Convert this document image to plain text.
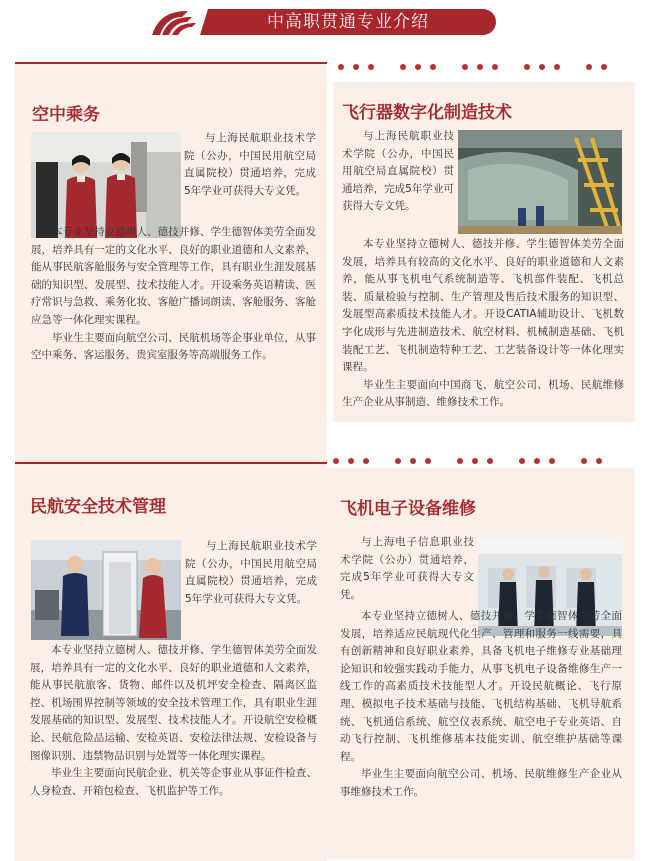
中高职贯通专业介绍
空中乘务

与上海民航职业技术学院（公办，中国民用航空局直属院校）贯通培养，完成5年学业可获得大专文凭。

本专业坚持立德树人、德技并修、学生德智体美劳全面发展，培养具有一定的文化水平、良好的职业道德和人文素养，能从事民航客舱服务与安全管理等工作，具有职业生涯发展基础的知识型、发展型、技术技能人才。开设乘务英语精读、医疗常识与急救、乘务化妆、客舱广播词朗读、客舱服务、客舱应急等一体化理实课程。

毕业生主要面向航空公司、民航机场等企事业单位，从事空中乘务、客运服务、贵宾室服务等高端服务工作。

飞行器数字化制造技术

与上海民航职业技术学院（公办，中国民用航空局直属院校）贯通培养，完成5年学业可获得大专文凭。

本专业坚持立德树人、德技并修、学生德智体美劳全面发展，培养具有较高的文化水平、良好的职业道德和人文素养，能从事飞机电气系统制造等、飞机部件装配、飞机总装、质量检验与控制、生产管理及售后技术服务的知识型、发展型高素质技术技能人才。开设CATIA辅助设计、飞机数字化成形与先进制造技术、航空材料、机械制造基础、飞机装配工艺、飞机制造特种工艺、工艺装备设计等一体化理实课程。

毕业生主要面向中国商飞、航空公司、机场、民航维修生产企业从事制造、维修技术工作。

民航安全技术管理

与上海民航职业技术学院（公办，中国民用航空局直属院校）贯通培养，完成5年学业可获得大专文凭。

本专业坚持立德树人、德技并修、学生德智体美劳全面发展，培养具有一定的文化水平、良好的职业道德和人文素养，能从事民航旅客、货物、邮件以及机坪安全检查、隔离区监控、机场围界控制等领域的安全技术管理工作，具有职业生涯发展基础的知识型、发展型、技术技能人才。开设航空安检概论、民航危险品运输、安检英语、安检法律法规、安检设备与图像识别、违禁物品识别与处置等一体化理实课程。

毕业生主要面向民航企业、机关等企事业从事证件检查、人身检查、开箱包检查、飞机监护等工作。

飞机电子设备维修

与上海电子信息职业技术学院（公办）贯通培养，完成5年学业可获得大专文凭。

本专业坚持立德树人、德技并修、学生德智体美劳全面发展，培养适应民航现代化生产、管理和服务一线需要，具有创新精神和良好职业素养，具备飞机电子维修专业基础理论知识和较强实践动手能力，从事飞机电子设备维修生产一线工作的高素质技术技能型人才。开设民航概论、飞行原理、模拟电子技术基础与技能、飞机结构基础、飞机导航系统、飞机通信系统、航空仪表系统、航空电子专业英语、自动飞行控制、飞机维修基本技能实训、航空维护基础等课程。

毕业生主要面向航空公司、机场、民航维修生产企业从事维修技术工作。
